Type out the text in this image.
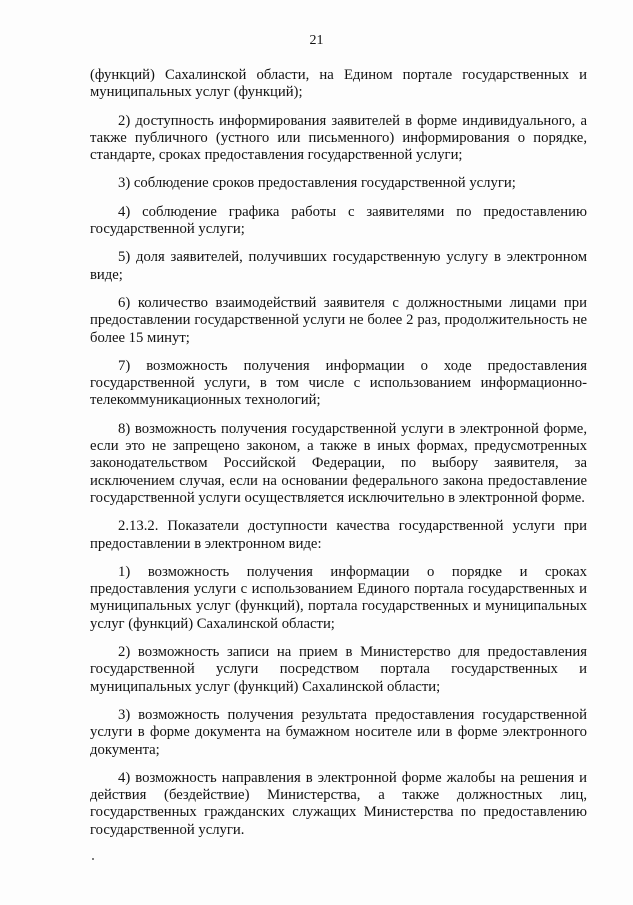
21

(функций) Сахалинской области, на Едином портале государственных и муниципальных услуг (функций);

2) доступность информирования заявителей в форме индивидуального, а также публичного (устного или письменного) информирования о порядке, стандарте, сроках предоставления государственной услуги;

3) соблюдение сроков предоставления государственной услуги;

4) соблюдение графика работы с заявителями по предоставлению государственной услуги;

5) доля заявителей, получивших государственную услугу в электронном виде;

6) количество взаимодействий заявителя с должностными лицами при предоставлении государственной услуги не более 2 раз, продолжительность не более 15 минут;

7) возможность получения информации о ходе предоставления государственной услуги, в том числе с использованием информационно-телекоммуникационных технологий;

8) возможность получения государственной услуги в электронной форме, если это не запрещено законом, а также в иных формах, предусмотренных законодательством Российской Федерации, по выбору заявителя, за исключением случая, если на основании федерального закона предоставление государственной услуги осуществляется исключительно в электронной форме.

2.13.2. Показатели доступности качества государственной услуги при предоставлении в электронном виде:

1) возможность получения информации о порядке и сроках предоставления услуги с использованием Единого портала государственных и муниципальных услуг (функций), портала государственных и муниципальных услуг (функций) Сахалинской области;

2) возможность записи на прием в Министерство для предоставления государственной услуги посредством портала государственных и муниципальных услуг (функций) Сахалинской области;

3) возможность получения результата предоставления государственной услуги в форме документа на бумажном носителе или в форме электронного документа;

4) возможность направления в электронной форме жалобы на решения и действия (бездействие) Министерства, а также должностных лиц, государственных гражданских служащих Министерства по предоставлению государственной услуги.
